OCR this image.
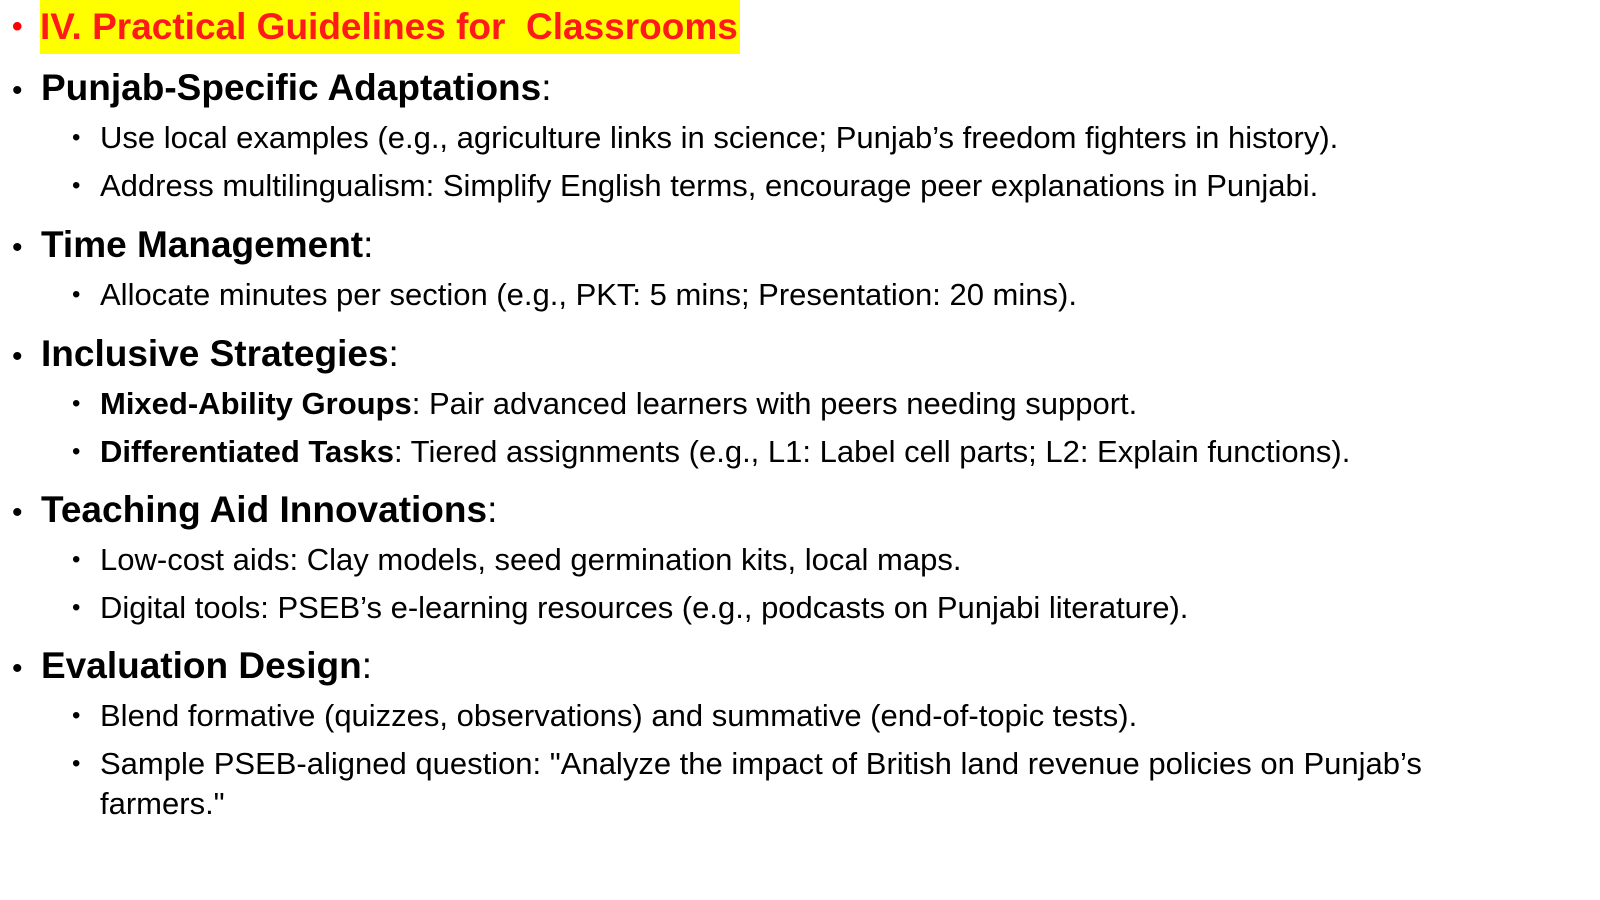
• IV. Practical Guidelines for  Classrooms
• Punjab-Specific Adaptations :
• Use local examples (e.g., agriculture links in science; Punjab’s freedom fighters in history).
• Address multilingualism: Simplify English terms, encourage peer explanations in Punjabi.
• Time Management :
• Allocate minutes per section (e.g., PKT: 5 mins; Presentation: 20 mins).
• Inclusive Strategies :
• Mixed-Ability Groups: Pair advanced learners with peers needing support.
• Differentiated Tasks: Tiered assignments (e.g., L1: Label cell parts; L2: Explain functions).
• Teaching Aid Innovations :
• Low-cost aids: Clay models, seed germination kits, local maps.
• Digital tools: PSEB’s e-learning resources (e.g., podcasts on Punjabi literature).
• Evaluation Design :
• Blend formative (quizzes, observations) and summative (end-of-topic tests).
• Sample PSEB-aligned question: "Analyze the impact of British land revenue policies on Punjab’s farmers."
